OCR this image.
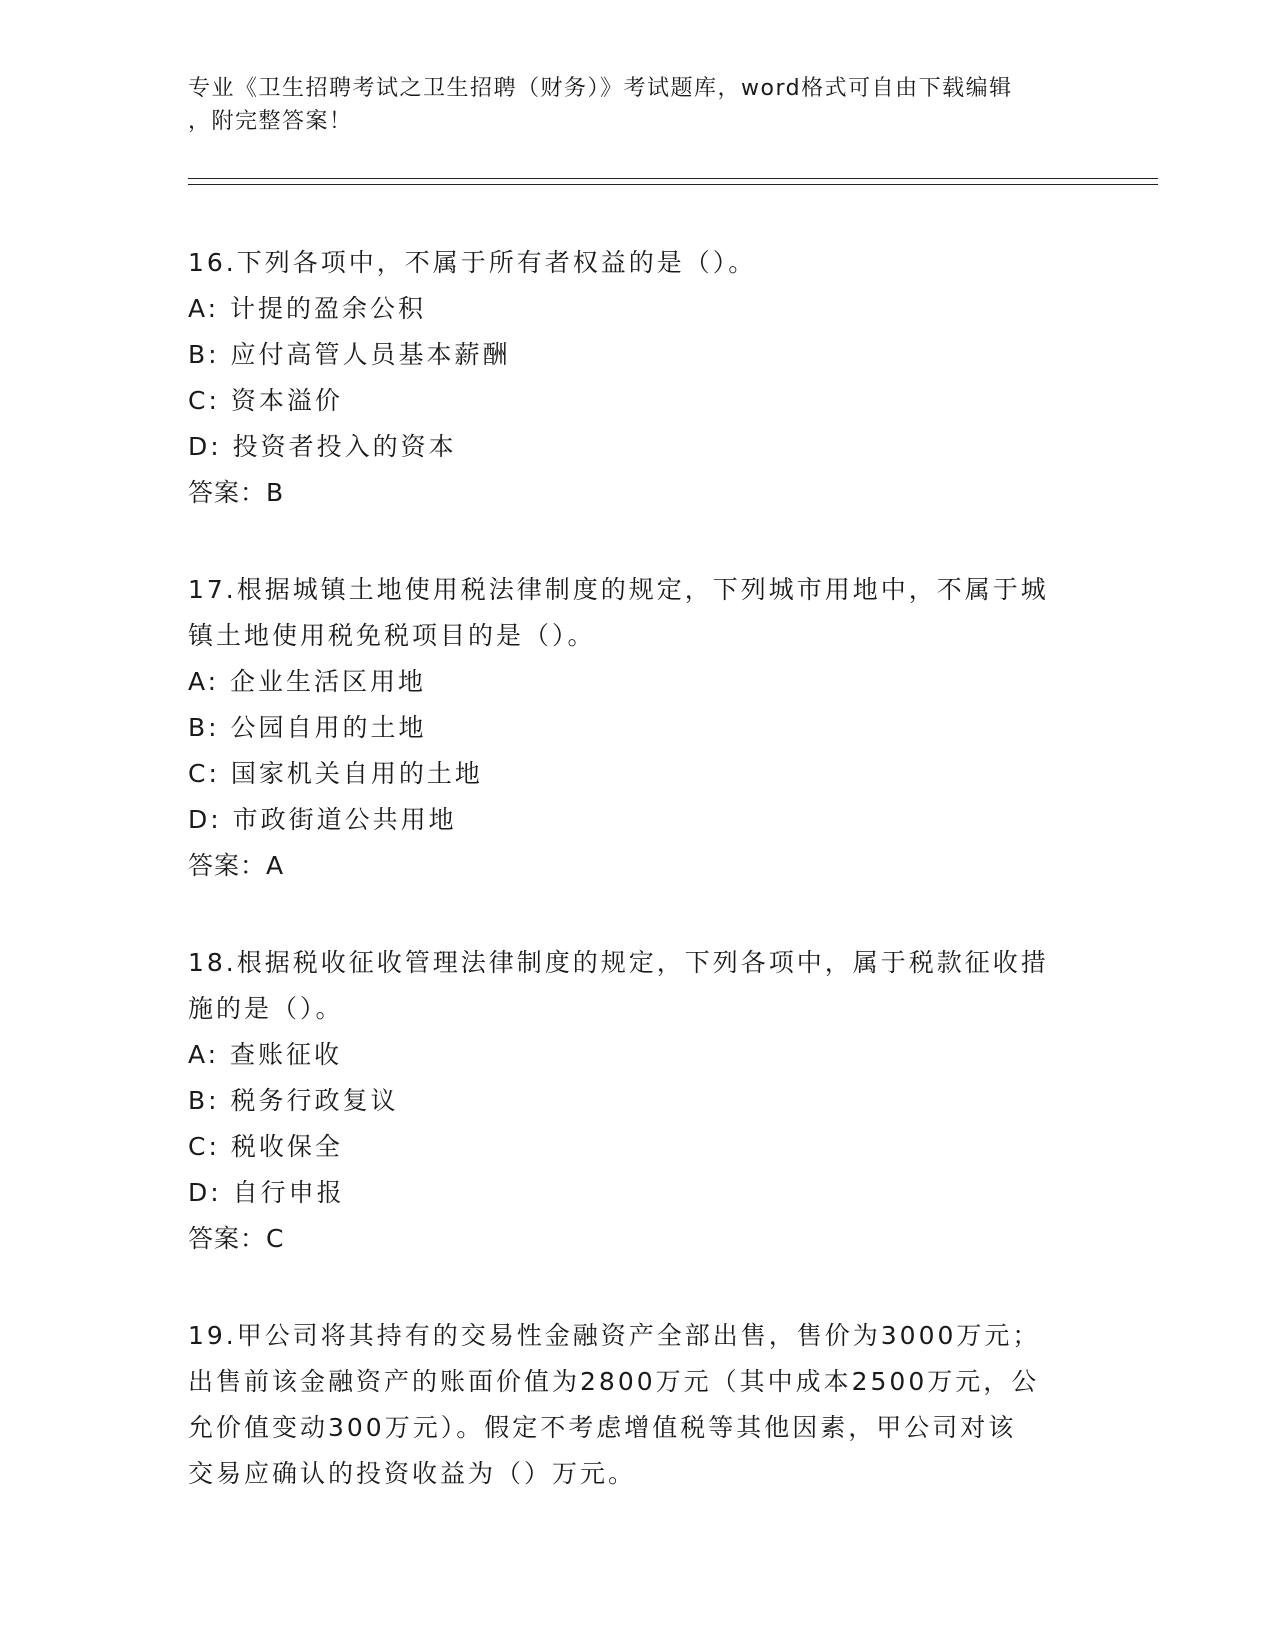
专业《卫生招聘考试之卫生招聘（财务）》考试题库，word格式可自由下载编辑
，附完整答案！
16.下列各项中，不属于所有者权益的是（）。
A: 计提的盈余公积
B: 应付高管人员基本薪酬
C: 资本溢价
D: 投资者投入的资本
答案：B
17.根据城镇土地使用税法律制度的规定，下列城市用地中，不属于城
镇土地使用税免税项目的是（）。
A: 企业生活区用地
B: 公园自用的土地
C: 国家机关自用的土地
D: 市政街道公共用地
答案：A
18.根据税收征收管理法律制度的规定，下列各项中，属于税款征收措
施的是（）。
A: 查账征收
B: 税务行政复议
C: 税收保全
D: 自行申报
答案：C
19.甲公司将其持有的交易性金融资产全部出售，售价为3000万元；
出售前该金融资产的账面价值为2800万元（其中成本2500万元，公
允价值变动300万元）。假定不考虑增值税等其他因素，甲公司对该
交易应确认的投资收益为（）万元。
